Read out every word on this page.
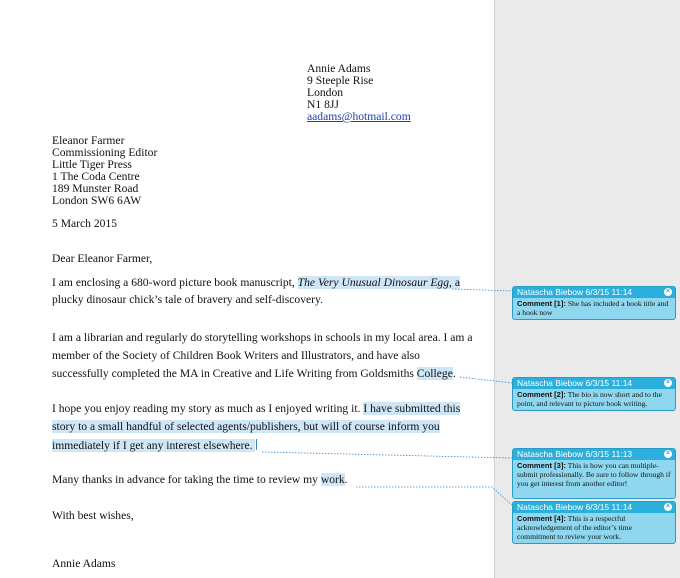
Annie Adams
9 Steeple Rise
London
N1 8JJ
aadams@hotmail.com
Eleanor Farmer
Commissioning Editor
Little Tiger Press
1 The Coda Centre
189 Munster Road
London SW6 6AW
5 March 2015
Dear Eleanor Farmer,
I am enclosing a 680-word picture book manuscript, The Very Unusual Dinosaur Egg, a
plucky dinosaur chick’s tale of bravery and self-discovery.
I am a librarian and regularly do storytelling workshops in schools in my local area. I am a
member of the Society of Children Book Writers and Illustrators, and have also
successfully completed the MA in Creative and Life Writing from Goldsmiths College.
I hope you enjoy reading my story as much as I enjoyed writing it. I have submitted this
story to a small handful of selected agents/publishers, but will of course inform you
immediately if I get any interest elsewhere.
Many thanks in advance for taking the time to review my work.
With best wishes,
Annie Adams
Natascha Biebow 6/3/15 11:14	×
Comment [1]: She has included a book title and a hook now
Natascha Biebow 6/3/15 11:14	×
Comment [2]: The bio is now short and to the point, and relevant to picture book writing.
Natascha Biebow 6/3/15 11:13	×
Comment [3]: This is how you can multiple-submit professionally. Be sure to follow through if you get interest from another editor!
Natascha Biebow 6/3/15 11:14	×
Comment [4]: This is a respectful acknowledgement of the editor’s time commitment to review your work.
